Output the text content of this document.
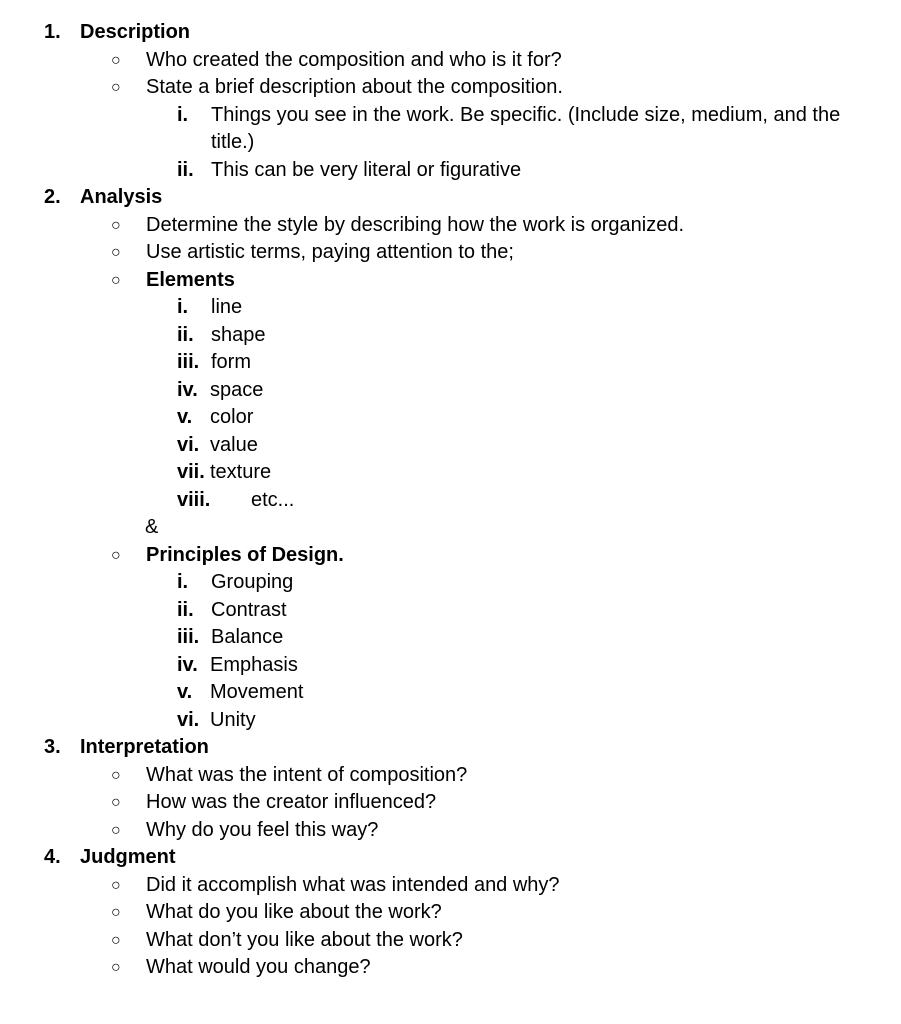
1. Description
○ Who created the composition and who is it for?
○ State a brief description about the composition.
i. Things you see in the work. Be specific. (Include size, medium, and the title.)
ii. This can be very literal or figurative
2. Analysis
○ Determine the style by describing how the work is organized.
○ Use artistic terms, paying attention to the;
○ Elements
i. line
ii. shape
iii. form
iv. space
v. color
vi. value
vii. texture
viii. etc...
&
○ Principles of Design.
i. Grouping
ii. Contrast
iii. Balance
iv. Emphasis
v. Movement
vi. Unity
3. Interpretation
○ What was the intent of composition?
○ How was the creator influenced?
○ Why do you feel this way?
4. Judgment
○ Did it accomplish what was intended and why?
○ What do you like about the work?
○ What don’t you like about the work?
○ What would you change?
